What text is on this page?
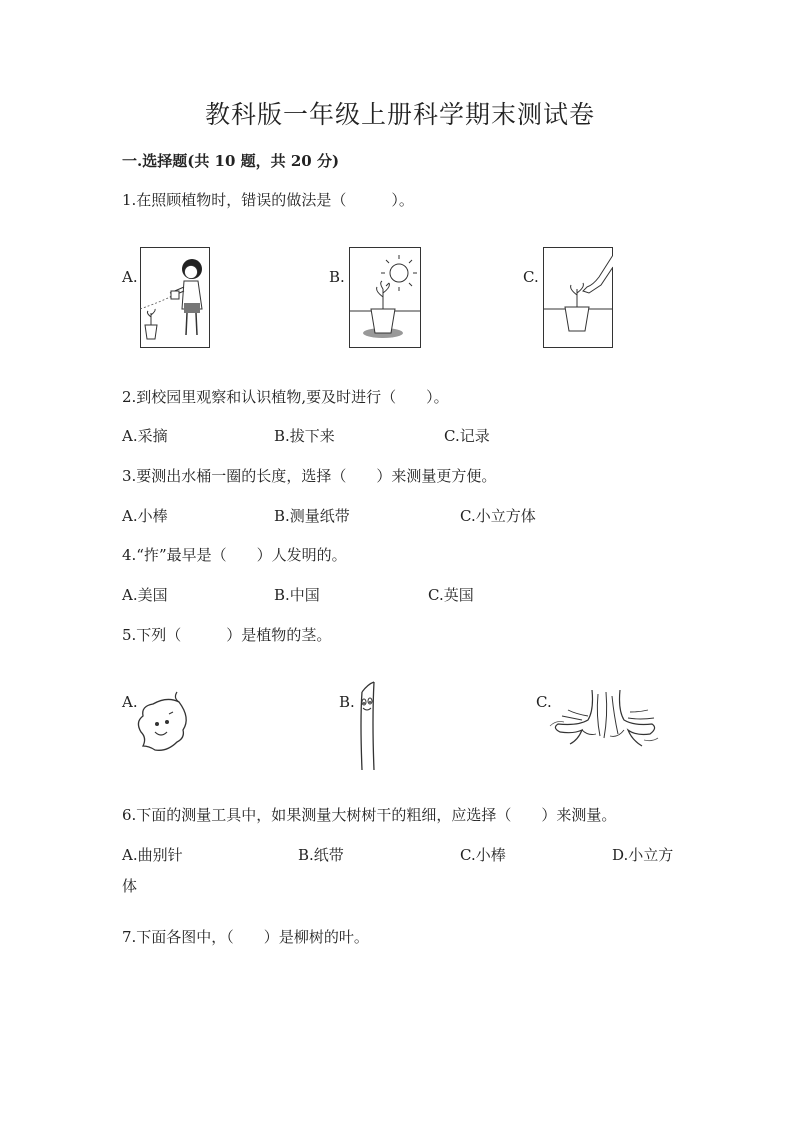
教科版一年级上册科学期末测试卷
一.选择题(共 10 题，共 20 分)
1.在照顾植物时，错误的做法是（　　　）。
A.	B.	C.
2.到校园里观察和认识植物,要及时进行（　　）。
A.采摘	B.拔下来	C.记录
3.要测出水桶一圈的长度，选择（　　）来测量更方便。
A.小棒	B.测量纸带	C.小立方体
4.“拃”最早是（　　）人发明的。
A.美国	B.中国	C.英国
5.下列（　　　）是植物的茎。
A.	B.	C.
6.下面的测量工具中，如果测量大树树干的粗细，应选择（　　）来测量。
A.曲别针	B.纸带	C.小棒	D.小立方
体
7.下面各图中，（　　）是柳树的叶。
